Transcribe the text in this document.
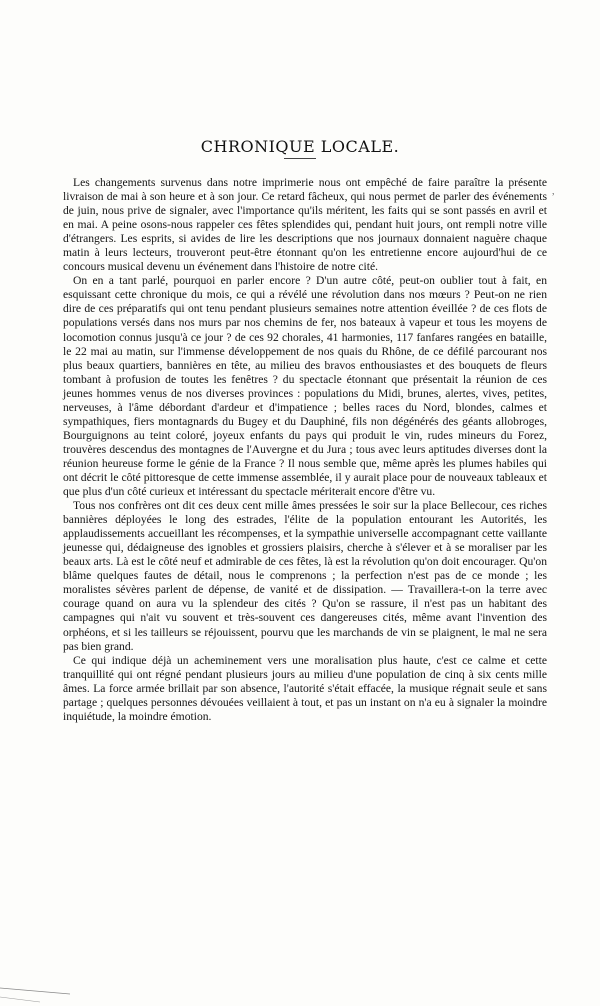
CHRONIQUE LOCALE.
,

Les changements survenus dans notre imprimerie nous ont empêché de faire paraître la présente livraison de mai à son heure et à son jour. Ce retard fâcheux, qui nous permet de parler des événements de juin, nous prive de signaler, avec l'importance qu'ils méritent, les faits qui se sont passés en avril et en mai. A peine osons-nous rappeler ces fêtes splendides qui, pendant huit jours, ont rempli notre ville d'étrangers. Les esprits, si avides de lire les descriptions que nos journaux donnaient naguère chaque matin à leurs lecteurs, trouveront peut-être étonnant qu'on les entretienne encore aujourd'hui de ce concours musical devenu un événement dans l'histoire de notre cité.

On en a tant parlé, pourquoi en parler encore ? D'un autre côté, peut-on oublier tout à fait, en esquissant cette chronique du mois, ce qui a révélé une révolution dans nos mœurs ? Peut-on ne rien dire de ces préparatifs qui ont tenu pendant plusieurs semaines notre attention éveillée ? de ces flots de populations versés dans nos murs par nos chemins de fer, nos bateaux à vapeur et tous les moyens de locomotion connus jusqu'à ce jour ? de ces 92 chorales, 41 harmonies, 117 fanfares rangées en bataille, le 22 mai au matin, sur l'immense développement de nos quais du Rhône, de ce défilé parcourant nos plus beaux quartiers, bannières en tête, au milieu des bravos enthousiastes et des bouquets de fleurs tombant à profusion de toutes les fenêtres ? du spectacle étonnant que présentait la réunion de ces jeunes hommes venus de nos diverses provinces : populations du Midi, brunes, alertes, vives, petites, nerveuses, à l'âme débordant d'ardeur et d'impatience ; belles races du Nord, blondes, calmes et sympathiques, fiers montagnards du Bugey et du Dauphiné, fils non dégénérés des géants allobroges, Bourguignons au teint coloré, joyeux enfants du pays qui produit le vin, rudes mineurs du Forez, trouvères descendus des montagnes de l'Auvergne et du Jura ; tous avec leurs aptitudes diverses dont la réunion heureuse forme le génie de la France ? Il nous semble que, même après les plumes habiles qui ont décrit le côté pittoresque de cette immense assemblée, il y aurait place pour de nouveaux tableaux et que plus d'un côté curieux et intéressant du spectacle mériterait encore d'être vu.

Tous nos confrères ont dit ces deux cent mille âmes pressées le soir sur la place Bellecour, ces riches bannières déployées le long des estrades, l'élite de la population entourant les Autorités, les applaudissements accueillant les récompenses, et la sympathie universelle accompagnant cette vaillante jeunesse qui, dédaigneuse des ignobles et grossiers plaisirs, cherche à s'élever et à se moraliser par les beaux arts. Là est le côté neuf et admirable de ces fêtes, là est la révolution qu'on doit encourager. Qu'on blâme quelques fautes de détail, nous le comprenons ; la perfection n'est pas de ce monde ; les moralistes sévères parlent de dépense, de vanité et de dissipation. — Travaillera-t-on la terre avec courage quand on aura vu la splendeur des cités ? Qu'on se rassure, il n'est pas un habitant des campagnes qui n'ait vu souvent et très-souvent ces dangereuses cités, même avant l'invention des orphéons, et si les tailleurs se réjouissent, pourvu que les marchands de vin se plaignent, le mal ne sera pas bien grand.

Ce qui indique déjà un acheminement vers une moralisation plus haute, c'est ce calme et cette tranquillité qui ont régné pendant plusieurs jours au milieu d'une population de cinq à six cents mille âmes. La force armée brillait par son absence, l'autorité s'était effacée, la musique régnait seule et sans partage ; quelques personnes dévouées veillaient à tout, et pas un instant on n'a eu à signaler la moindre inquiétude, la moindre émotion.
